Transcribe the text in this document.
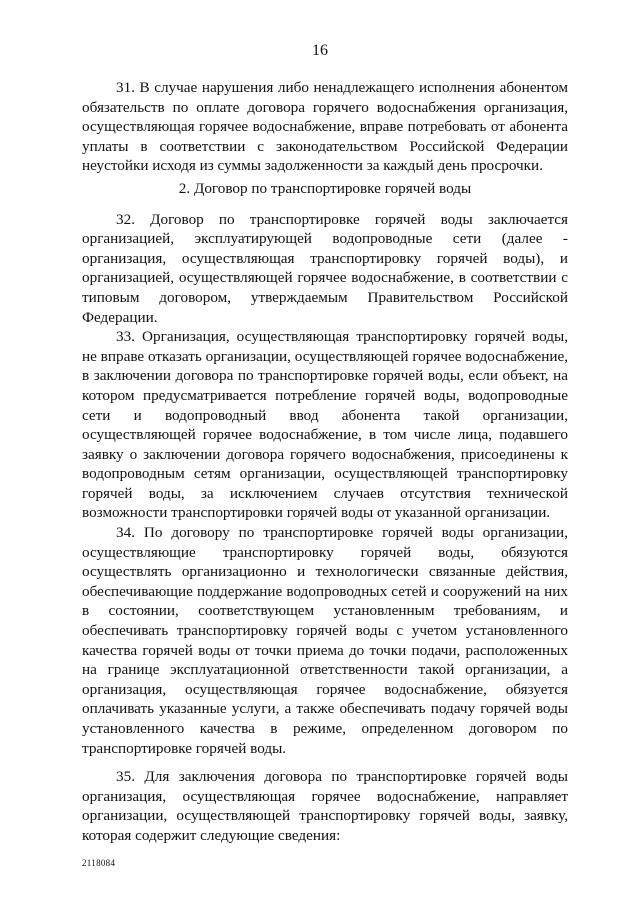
16

31. В случае нарушения либо ненадлежащего исполнения абонентом обязательств по оплате договора горячего водоснабжения организация, осуществляющая горячее водоснабжение, вправе потребовать от абонента уплаты в соответствии с законодательством Российской Федерации неустойки исходя из суммы задолженности за каждый день просрочки.

2. Договор по транспортировке горячей воды

32. Договор по транспортировке горячей воды заключается организацией, эксплуатирующей водопроводные сети (далее - организация, осуществляющая транспортировку горячей воды), и организацией, осуществляющей горячее водоснабжение, в соответствии с типовым договором, утверждаемым Правительством Российской Федерации.

33. Организация, осуществляющая транспортировку горячей воды, не вправе отказать организации, осуществляющей горячее водоснабжение, в заключении договора по транспортировке горячей воды, если объект, на котором предусматривается потребление горячей воды, водопроводные сети и водопроводный ввод абонента такой организации, осуществляющей горячее водоснабжение, в том числе лица, подавшего заявку о заключении договора горячего водоснабжения, присоединены к водопроводным сетям организации, осуществляющей транспортировку горячей воды, за исключением случаев отсутствия технической возможности транспортировки горячей воды от указанной организации.

34. По договору по транспортировке горячей воды организации, осуществляющие транспортировку горячей воды, обязуются осуществлять организационно и технологически связанные действия, обеспечивающие поддержание водопроводных сетей и сооружений на них в состоянии, соответствующем установленным требованиям, и обеспечивать транспортировку горячей воды с учетом установленного качества горячей воды от точки приема до точки подачи, расположенных на границе эксплуатационной ответственности такой организации, а организация, осуществляющая горячее водоснабжение, обязуется оплачивать указанные услуги, а также обеспечивать подачу горячей воды установленного качества в режиме, определенном договором по транспортировке горячей воды.

35. Для заключения договора по транспортировке горячей воды организация, осуществляющая горячее водоснабжение, направляет организации, осуществляющей транспортировку горячей воды, заявку, которая содержит следующие сведения:

2118084
